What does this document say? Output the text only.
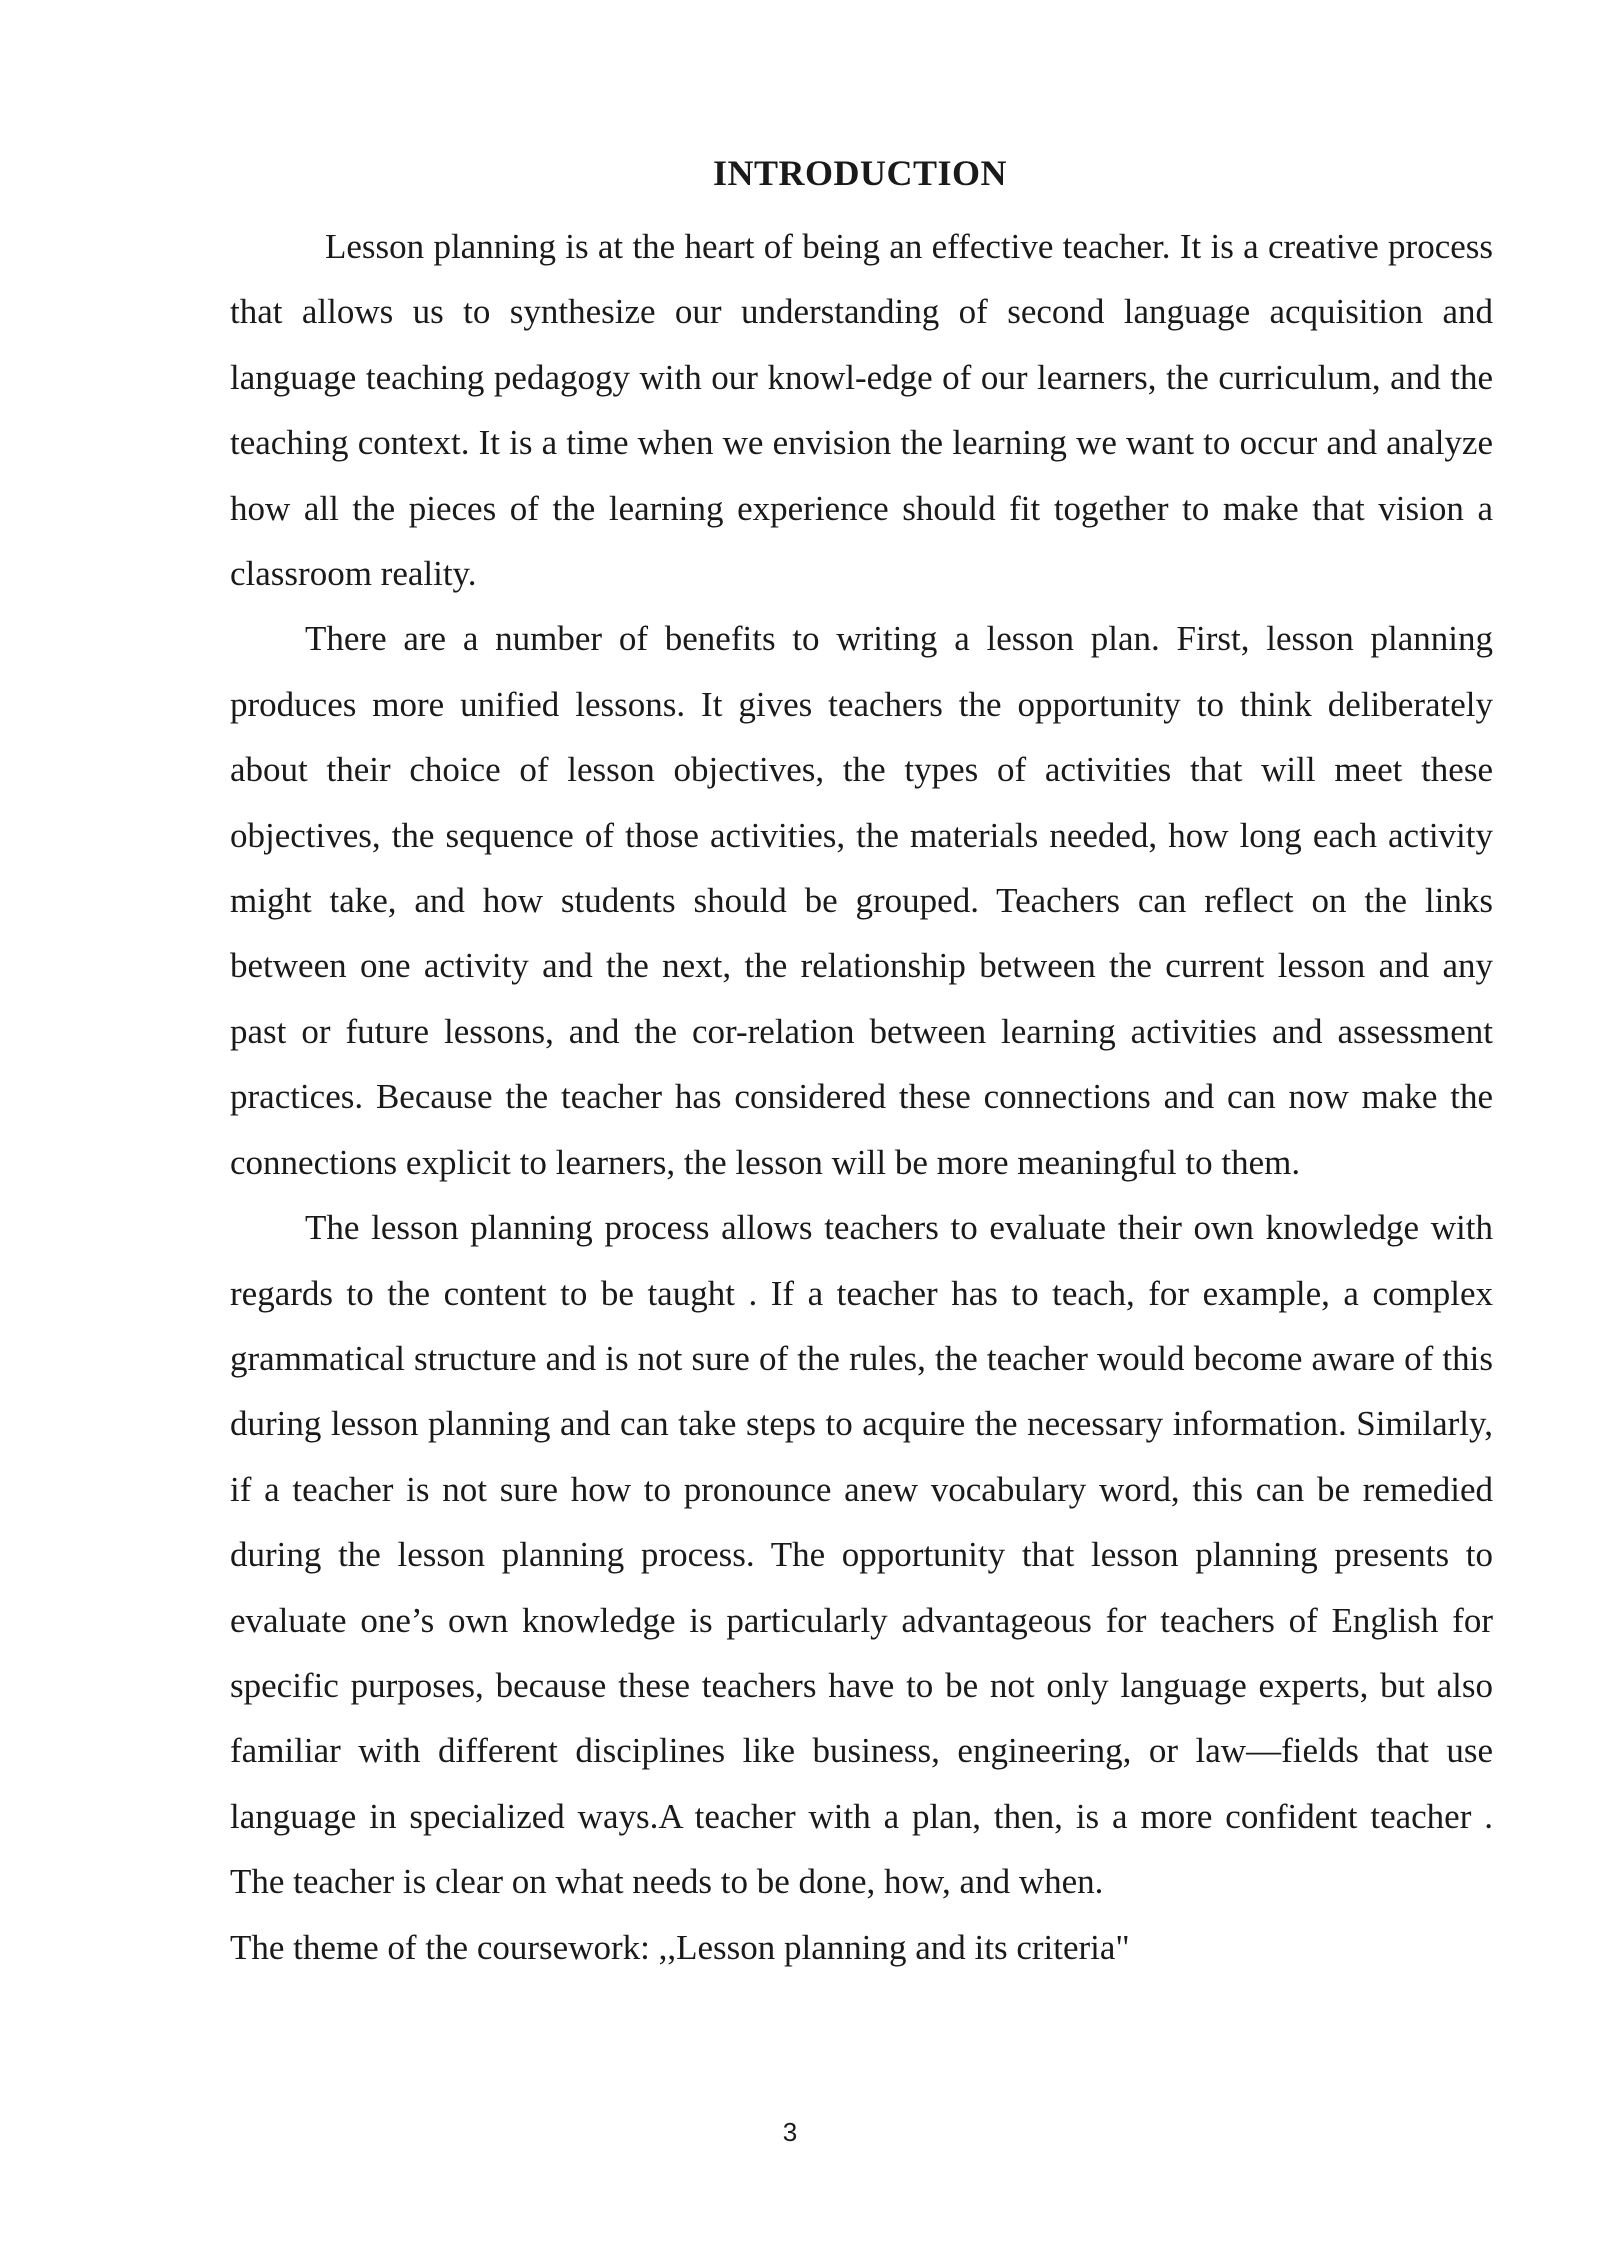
INTRODUCTION

Lesson planning is at the heart of being an effective teacher. It is a creative process that allows us to synthesize our understanding of second language acquisition and language teaching pedagogy with our knowl-edge of our learners, the curriculum, and the teaching context. It is a time when we envision the learning we want to occur and analyze how all the pieces of the learning experience should fit together to make that vision a classroom reality.

There are a number of benefits to writing a lesson plan. First, lesson planning produces more unified lessons. It gives teachers the opportunity to think deliberately about their choice of lesson objectives, the types of activities that will meet these objectives, the sequence of those activities, the materials needed, how long each activity might take, and how students should be grouped. Teachers can reflect on the links between one activity and the next, the relationship between the current lesson and any past or future lessons, and the cor-relation between learning activities and assessment practices. Because the teacher has considered these connections and can now make the connections explicit to learners, the lesson will be more meaningful to them.

The lesson planning process allows teachers to evaluate their own knowledge with regards to the content to be taught . If a teacher has to teach, for example, a complex grammatical structure and is not sure of the rules, the teacher would become aware of this during lesson planning and can take steps to acquire the necessary information. Similarly, if a teacher is not sure how to pronounce anew vocabulary word, this can be remedied during the lesson planning process. The opportunity that lesson planning presents to evaluate one’s own knowledge is particularly advantageous for teachers of English for specific purposes, because these teachers have to be not only language experts, but also familiar with different disciplines like business, engineering, or law—fields that use language in specialized ways.A teacher with a plan, then, is a more confident teacher . The teacher is clear on what needs to be done, how, and when.

The theme of the coursework: ,,Lesson planning and its criteria"

3
